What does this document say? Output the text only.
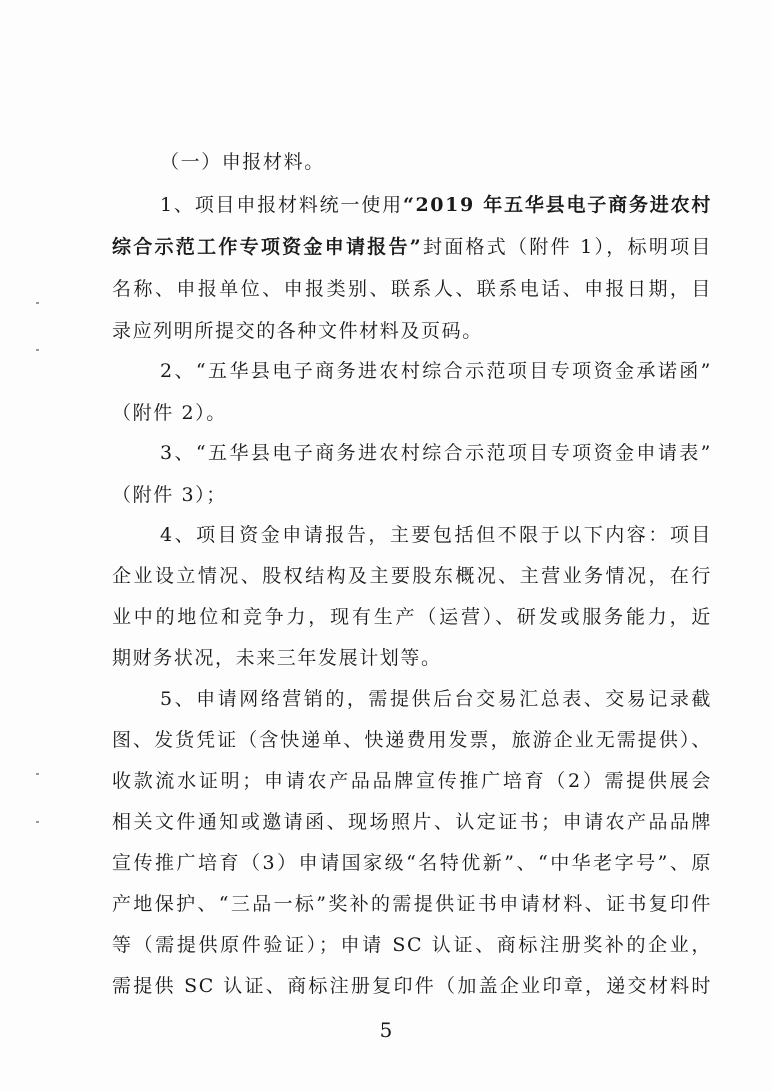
（一）申报材料。
1、项目申报材料统一使用“2019 年五华县电子商务进农村
综合示范工作专项资金申请报告”封面格式（附件 1），标明项目
名称、申报单位、申报类别、联系人、联系电话、申报日期，目
录应列明所提交的各种文件材料及页码。
2、“五华县电子商务进农村综合示范项目专项资金承诺函”
（附件 2）。
3、“五华县电子商务进农村综合示范项目专项资金申请表”
（附件 3）；
4、项目资金申请报告，主要包括但不限于以下内容：项目
企业设立情况、股权结构及主要股东概况、主营业务情况，在行
业中的地位和竞争力，现有生产（运营）、研发或服务能力，近
期财务状况，未来三年发展计划等。
5、申请网络营销的，需提供后台交易汇总表、交易记录截
图、发货凭证（含快递单、快递费用发票，旅游企业无需提供）、
收款流水证明；申请农产品品牌宣传推广培育（2）需提供展会
相关文件通知或邀请函、现场照片、认定证书；申请农产品品牌
宣传推广培育（3）申请国家级“名特优新”、“中华老字号”、原
产地保护、“三品一标”奖补的需提供证书申请材料、证书复印件
等（需提供原件验证）；申请 SC 认证、商标注册奖补的企业，
需提供 SC 认证、商标注册复印件（加盖企业印章，递交材料时
5
